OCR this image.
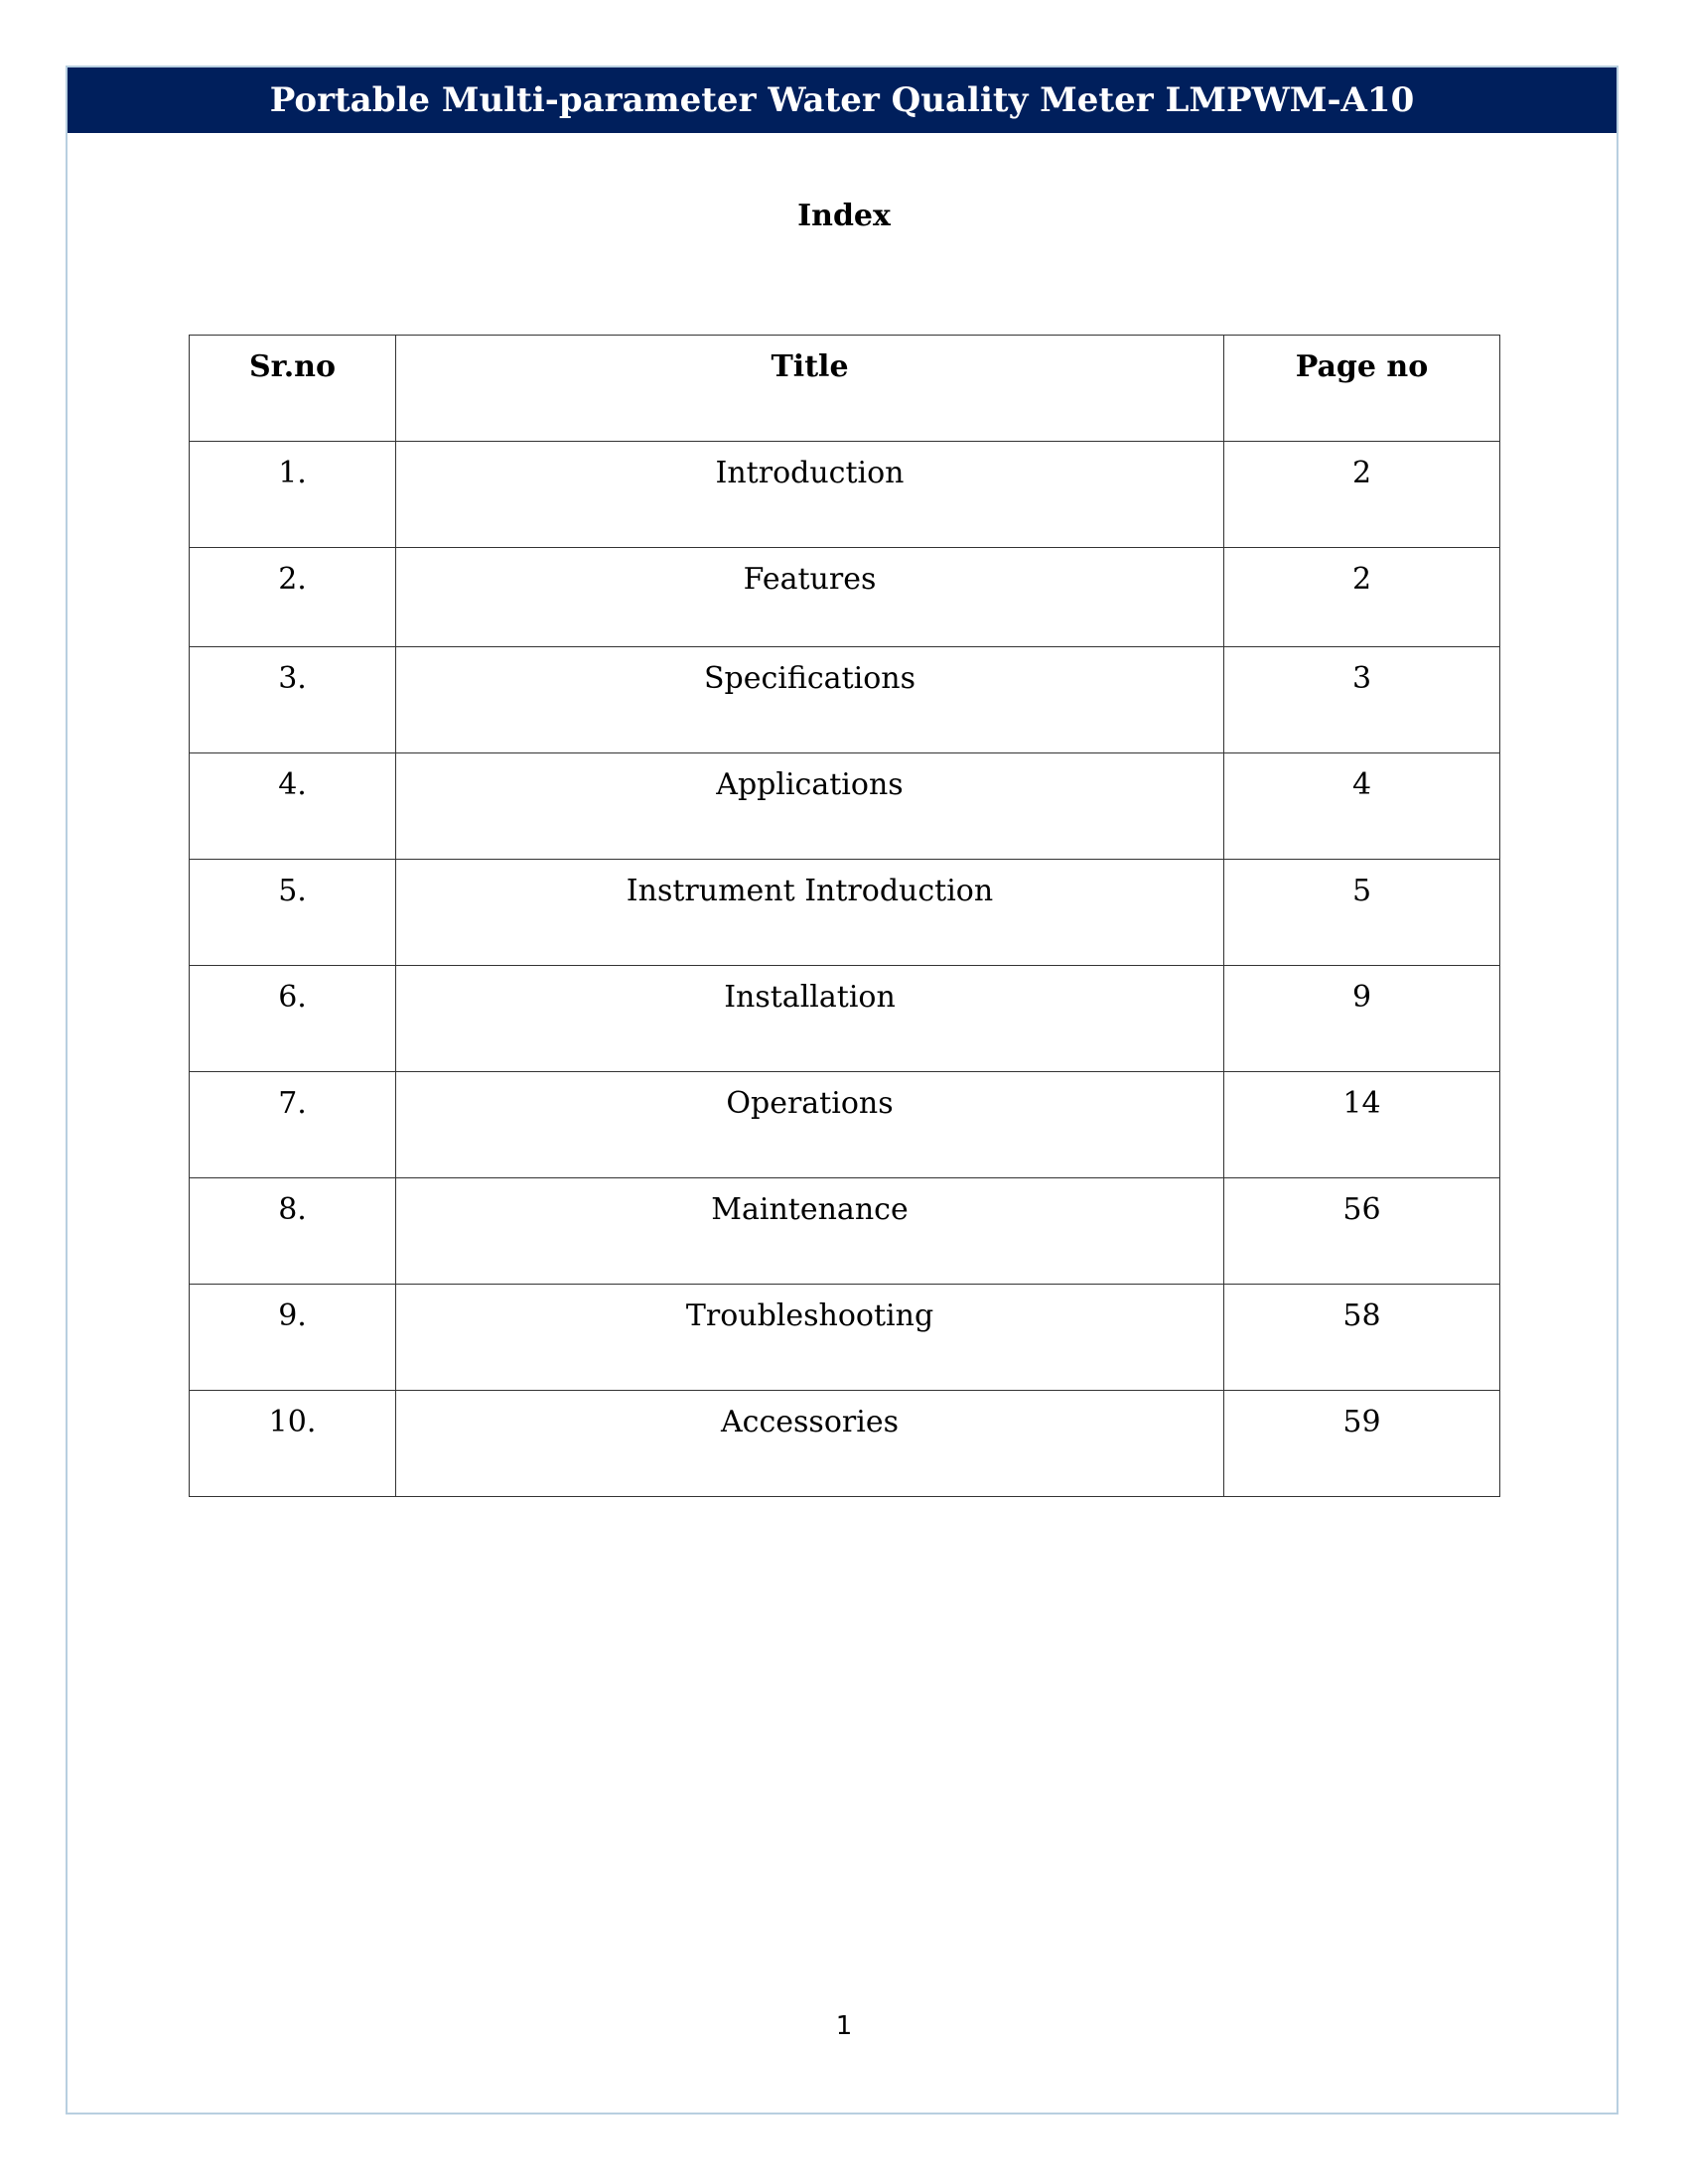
Portable Multi-parameter Water Quality Meter LMPWM-A10
Index
Sr.no	Title	Page no
1.	Introduction	2
2.	Features	2
3.	Specifications	3
4.	Applications	4
5.	Instrument Introduction	5
6.	Installation	9
7.	Operations	14
8.	Maintenance	56
9.	Troubleshooting	58
10.	Accessories	59
1
